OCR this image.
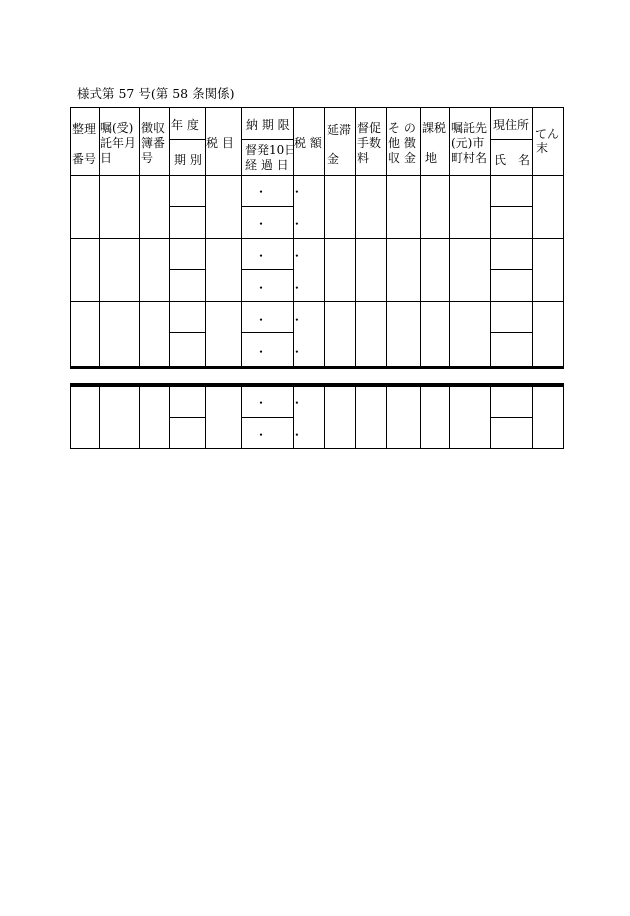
様式第 57 号(第 58 条関係)
・ ・
・ ・
・ ・
・ ・
・ ・
・ ・
・ ・
・ ・
整理
番号
嘱(受)
託年月
日
徴収
簿番
号
年 度
期 別
税 目
納 期 限
督発10日
経 過 日
税 額
延滞
金
督促
手数
料
そ の
他 徴
収 金
課税
地
嘱託先
(元)市
町村名
現住所
氏　名
てん
末
